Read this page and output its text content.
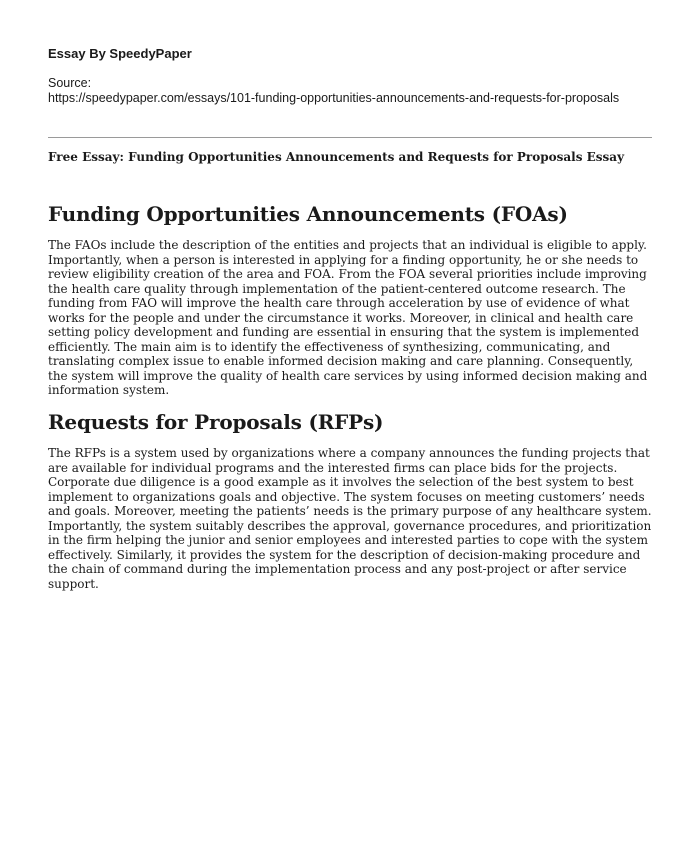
Essay By SpeedyPaper

Source:

https://speedypaper.com/essays/101-funding-opportunities-announcements-and-requests-for-proposals

Free Essay: Funding Opportunities Announcements and Requests for Proposals Essay

Funding Opportunities Announcements (FOAs)

The FAOs include the description of the entities and projects that an individual is eligible to apply. Importantly, when a person is interested in applying for a finding opportunity, he or she needs to review eligibility creation of the area and FOA. From the FOA several priorities include improving the health care quality through implementation of the patient-centered outcome research. The funding from FAO will improve the health care through acceleration by use of evidence of what works for the people and under the circumstance it works. Moreover, in clinical and health care setting policy development and funding are essential in ensuring that the system is implemented efficiently. The main aim is to identify the effectiveness of synthesizing, communicating, and translating complex issue to enable informed decision making and care planning. Consequently, the system will improve the quality of health care services by using informed decision making and information system.

Requests for Proposals (RFPs)

The RFPs is a system used by organizations where a company announces the funding projects that are available for individual programs and the interested firms can place bids for the projects. Corporate due diligence is a good example as it involves the selection of the best system to best implement to organizations goals and objective. The system focuses on meeting customers’ needs and goals. Moreover, meeting the patients’ needs is the primary purpose of any healthcare system. Importantly, the system suitably describes the approval, governance procedures, and prioritization in the firm helping the junior and senior employees and interested parties to cope with the system effectively. Similarly, it provides the system for the description of decision-making procedure and the chain of command during the implementation process and any post-project or after service support.
